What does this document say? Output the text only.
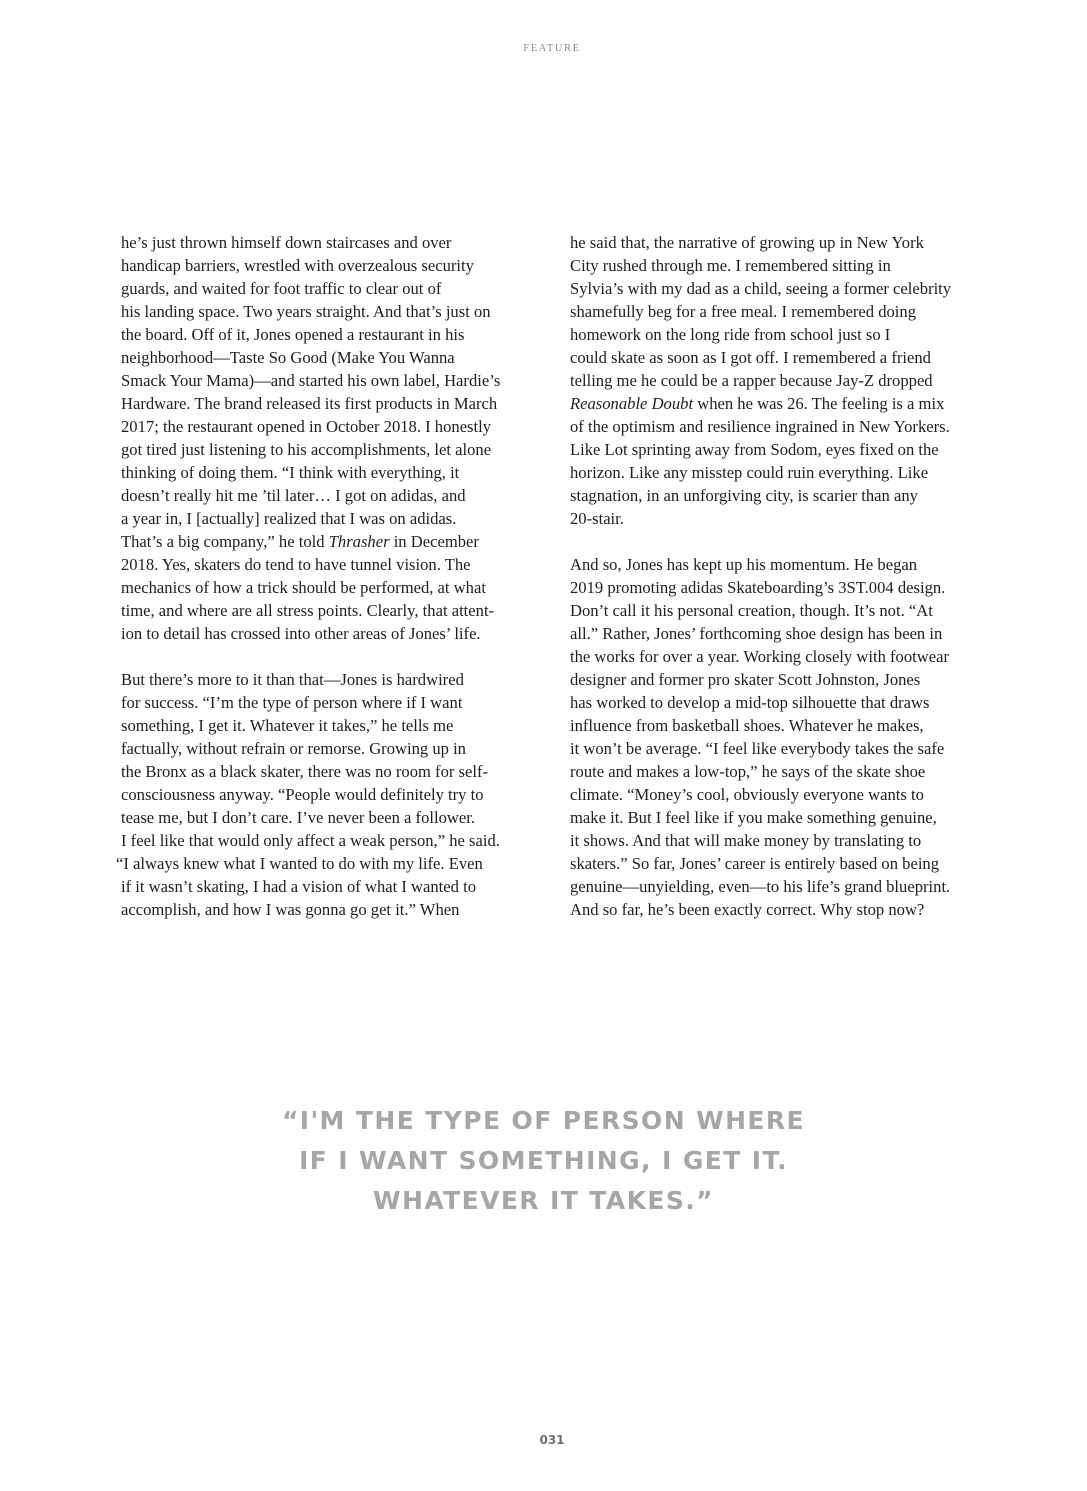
FEATURE
he’s just thrown himself down staircases and over
handicap barriers, wrestled with overzealous security
guards, and waited for foot traffic to clear out of
his landing space. Two years straight. And that’s just on
the board. Off of it, Jones opened a restaurant in his
neighborhood—Taste So Good (Make You Wanna
Smack Your Mama)—and started his own label, Hardie’s
Hardware. The brand released its first products in March
2017; the restaurant opened in October 2018. I honestly
got tired just listening to his accomplishments, let alone
thinking of doing them. “I think with everything, it
doesn’t really hit me ’til later… I got on adidas, and
a year in, I [actually] realized that I was on adidas.
That’s a big company,” he told Thrasher in December
2018. Yes, skaters do tend to have tunnel vision. The
mechanics of how a trick should be performed, at what
time, and where are all stress points. Clearly, that attent-
ion to detail has crossed into other areas of Jones’ life.
But there’s more to it than that—Jones is hardwired
for success. “I’m the type of person where if I want
something, I get it. Whatever it takes,” he tells me
factually, without refrain or remorse. Growing up in
the Bronx as a black skater, there was no room for self-
consciousness anyway. “People would definitely try to
tease me, but I don’t care. I’ve never been a follower.
I feel like that would only affect a weak person,” he said.
“I always knew what I wanted to do with my life. Even
if it wasn’t skating, I had a vision of what I wanted to
accomplish, and how I was gonna go get it.” When
he said that, the narrative of growing up in New York
City rushed through me. I remembered sitting in
Sylvia’s with my dad as a child, seeing a former celebrity
shamefully beg for a free meal. I remembered doing
homework on the long ride from school just so I
could skate as soon as I got off. I remembered a friend
telling me he could be a rapper because Jay-Z dropped
Reasonable Doubt when he was 26. The feeling is a mix
of the optimism and resilience ingrained in New Yorkers.
Like Lot sprinting away from Sodom, eyes fixed on the
horizon. Like any misstep could ruin everything. Like
stagnation, in an unforgiving city, is scarier than any
20-stair.
And so, Jones has kept up his momentum. He began
2019 promoting adidas Skateboarding’s 3ST.004 design.
Don’t call it his personal creation, though. It’s not. “At
all.” Rather, Jones’ forthcoming shoe design has been in
the works for over a year. Working closely with footwear
designer and former pro skater Scott Johnston, Jones
has worked to develop a mid-top silhouette that draws
influence from basketball shoes. Whatever he makes,
it won’t be average. “I feel like everybody takes the safe
route and makes a low-top,” he says of the skate shoe
climate. “Money’s cool, obviously everyone wants to
make it. But I feel like if you make something genuine,
it shows. And that will make money by translating to
skaters.” So far, Jones’ career is entirely based on being
genuine—unyielding, even—to his life’s grand blueprint.
And so far, he’s been exactly correct. Why stop now?
“I'M THE TYPE OF PERSON WHERE
IF I WANT SOMETHING, I GET IT.
WHATEVER IT TAKES.”
031
